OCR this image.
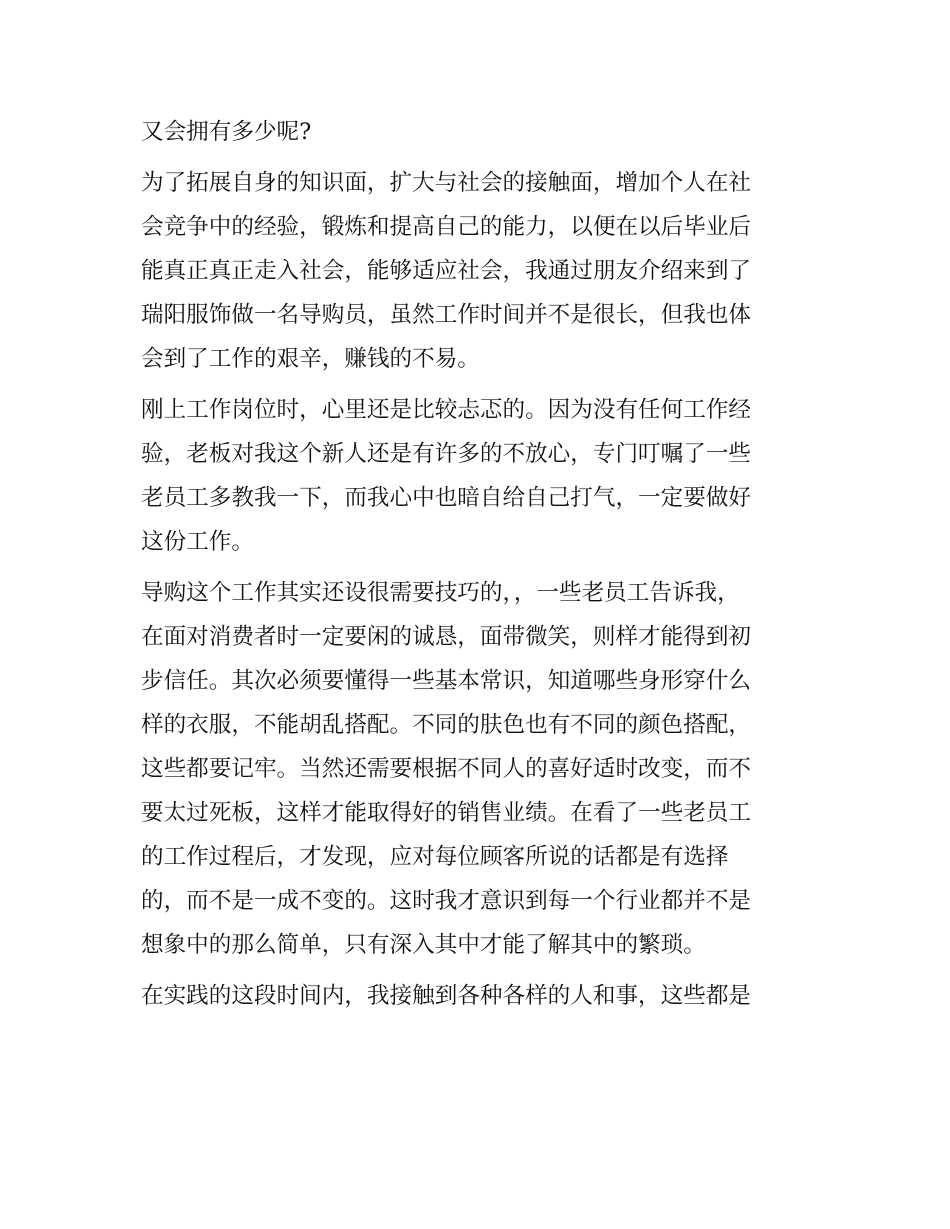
又会拥有多少呢?
为了拓展自身的知识面，扩大与社会的接触面，增加个人在社
会竞争中的经验，锻炼和提高自己的能力，以便在以后毕业后
能真正真正走入社会，能够适应社会，我通过朋友介绍来到了
瑞阳服饰做一名导购员，虽然工作时间并不是很长，但我也体
会到了工作的艰辛，赚钱的不易。
刚上工作岗位时，心里还是比较忐忑的。因为没有任何工作经
验，老板对我这个新人还是有许多的不放心，专门叮嘱了一些
老员工多教我一下，而我心中也暗自给自己打气，一定要做好
这份工作。
导购这个工作其实还设很需要技巧的，，一些老员工告诉我，
在面对消费者时一定要闲的诚恳，面带微笑，则样才能得到初
步信任。其次必须要懂得一些基本常识，知道哪些身形穿什么
样的衣服，不能胡乱搭配。不同的肤色也有不同的颜色搭配，
这些都要记牢。当然还需要根据不同人的喜好适时改变，而不
要太过死板，这样才能取得好的销售业绩。在看了一些老员工
的工作过程后，才发现，应对每位顾客所说的话都是有选择
的，而不是一成不变的。这时我才意识到每一个行业都并不是
想象中的那么简单，只有深入其中才能了解其中的繁琐。
在实践的这段时间内，我接触到各种各样的人和事，这些都是
